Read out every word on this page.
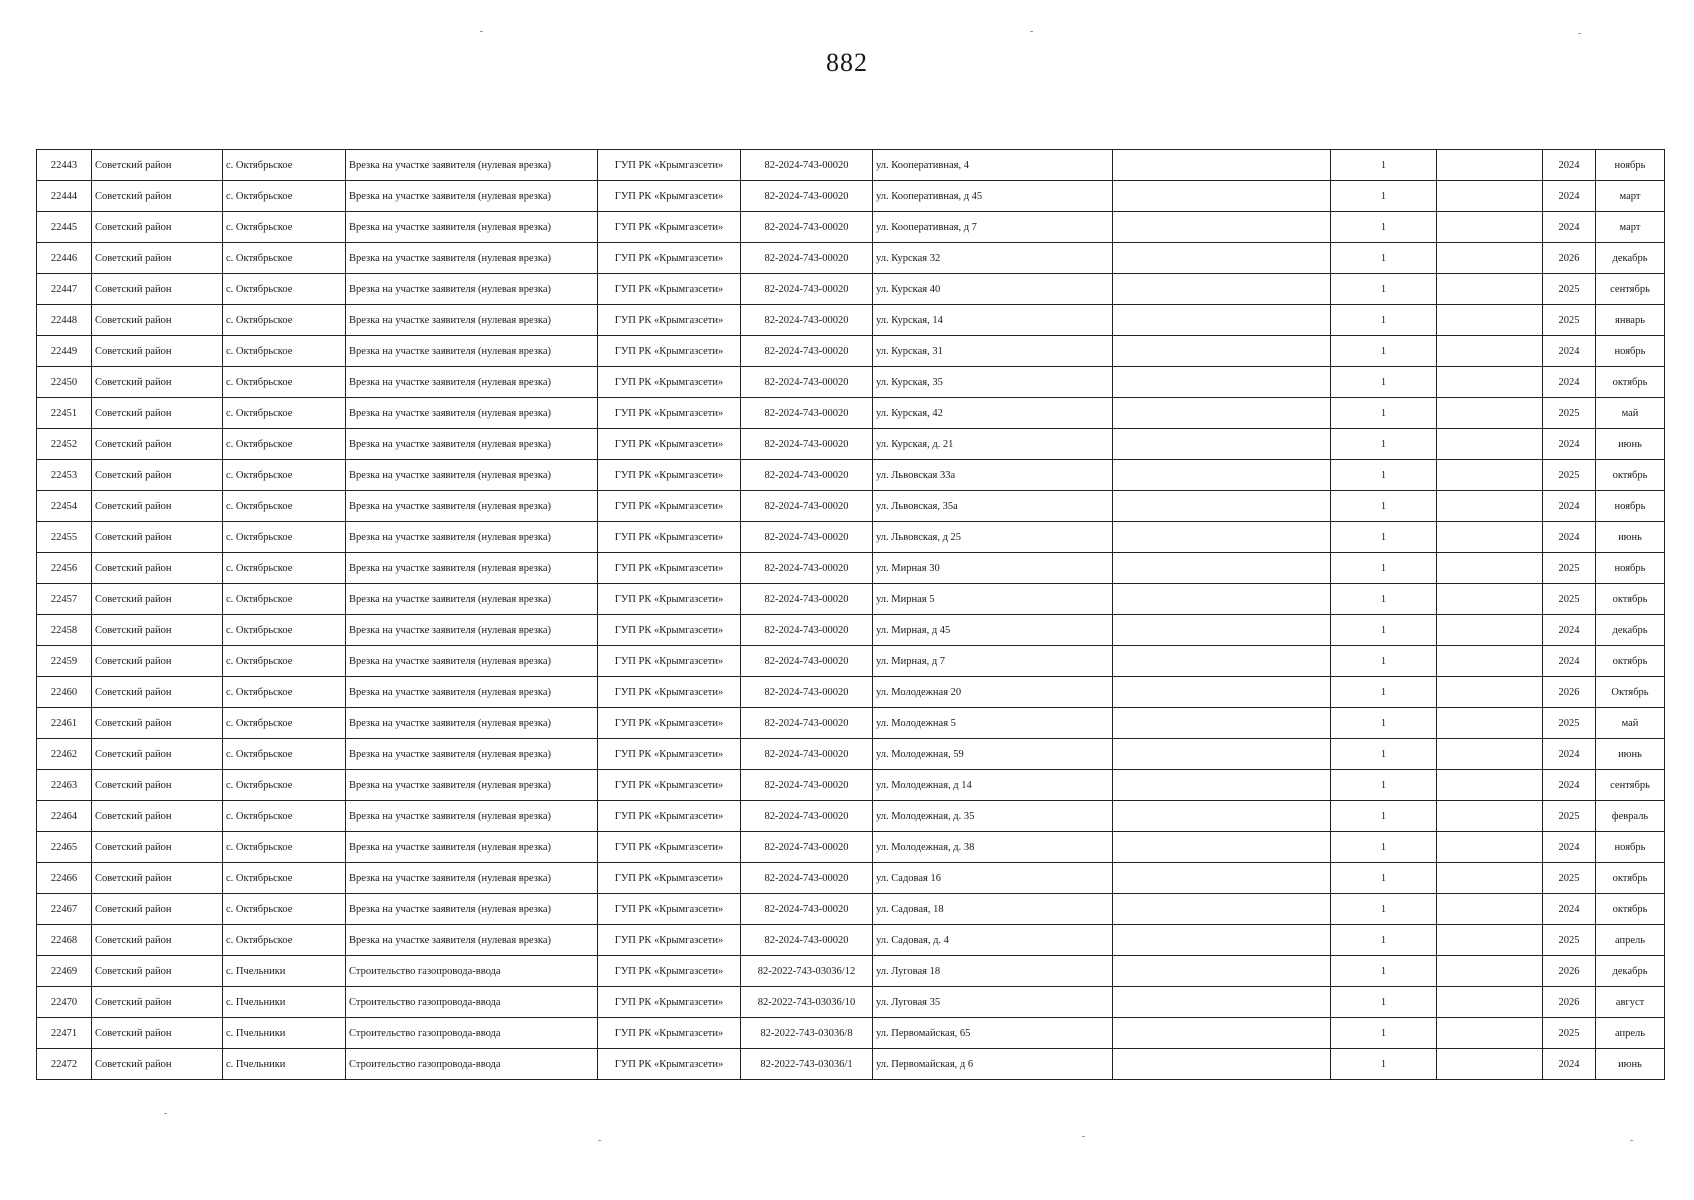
882
22443	Советский район	с. Октябрьское	Врезка на участке заявителя (нулевая врезка)	ГУП РК «Крымгазсети»	82-2024-743-00020	ул. Кооперативная, 4		1		2024	ноябрь
22444	Советский район	с. Октябрьское	Врезка на участке заявителя (нулевая врезка)	ГУП РК «Крымгазсети»	82-2024-743-00020	ул. Кооперативная, д 45		1		2024	март
22445	Советский район	с. Октябрьское	Врезка на участке заявителя (нулевая врезка)	ГУП РК «Крымгазсети»	82-2024-743-00020	ул. Кооперативная, д 7		1		2024	март
22446	Советский район	с. Октябрьское	Врезка на участке заявителя (нулевая врезка)	ГУП РК «Крымгазсети»	82-2024-743-00020	ул. Курская 32		1		2026	декабрь
22447	Советский район	с. Октябрьское	Врезка на участке заявителя (нулевая врезка)	ГУП РК «Крымгазсети»	82-2024-743-00020	ул. Курская 40		1		2025	сентябрь
22448	Советский район	с. Октябрьское	Врезка на участке заявителя (нулевая врезка)	ГУП РК «Крымгазсети»	82-2024-743-00020	ул. Курская, 14		1		2025	январь
22449	Советский район	с. Октябрьское	Врезка на участке заявителя (нулевая врезка)	ГУП РК «Крымгазсети»	82-2024-743-00020	ул. Курская, 31		1		2024	ноябрь
22450	Советский район	с. Октябрьское	Врезка на участке заявителя (нулевая врезка)	ГУП РК «Крымгазсети»	82-2024-743-00020	ул. Курская, 35		1		2024	октябрь
22451	Советский район	с. Октябрьское	Врезка на участке заявителя (нулевая врезка)	ГУП РК «Крымгазсети»	82-2024-743-00020	ул. Курская, 42		1		2025	май
22452	Советский район	с. Октябрьское	Врезка на участке заявителя (нулевая врезка)	ГУП РК «Крымгазсети»	82-2024-743-00020	ул. Курская, д. 21		1		2024	июнь
22453	Советский район	с. Октябрьское	Врезка на участке заявителя (нулевая врезка)	ГУП РК «Крымгазсети»	82-2024-743-00020	ул. Львовская 33а		1		2025	октябрь
22454	Советский район	с. Октябрьское	Врезка на участке заявителя (нулевая врезка)	ГУП РК «Крымгазсети»	82-2024-743-00020	ул. Львовская, 35а		1		2024	ноябрь
22455	Советский район	с. Октябрьское	Врезка на участке заявителя (нулевая врезка)	ГУП РК «Крымгазсети»	82-2024-743-00020	ул. Львовская, д 25		1		2024	июнь
22456	Советский район	с. Октябрьское	Врезка на участке заявителя (нулевая врезка)	ГУП РК «Крымгазсети»	82-2024-743-00020	ул. Мирная 30		1		2025	ноябрь
22457	Советский район	с. Октябрьское	Врезка на участке заявителя (нулевая врезка)	ГУП РК «Крымгазсети»	82-2024-743-00020	ул. Мирная 5		1		2025	октябрь
22458	Советский район	с. Октябрьское	Врезка на участке заявителя (нулевая врезка)	ГУП РК «Крымгазсети»	82-2024-743-00020	ул. Мирная, д 45		1		2024	декабрь
22459	Советский район	с. Октябрьское	Врезка на участке заявителя (нулевая врезка)	ГУП РК «Крымгазсети»	82-2024-743-00020	ул. Мирная, д 7		1		2024	октябрь
22460	Советский район	с. Октябрьское	Врезка на участке заявителя (нулевая врезка)	ГУП РК «Крымгазсети»	82-2024-743-00020	ул. Молодежная 20		1		2026	Октябрь
22461	Советский район	с. Октябрьское	Врезка на участке заявителя (нулевая врезка)	ГУП РК «Крымгазсети»	82-2024-743-00020	ул. Молодежная 5		1		2025	май
22462	Советский район	с. Октябрьское	Врезка на участке заявителя (нулевая врезка)	ГУП РК «Крымгазсети»	82-2024-743-00020	ул. Молодежная, 59		1		2024	июнь
22463	Советский район	с. Октябрьское	Врезка на участке заявителя (нулевая врезка)	ГУП РК «Крымгазсети»	82-2024-743-00020	ул. Молодежная, д 14		1		2024	сентябрь
22464	Советский район	с. Октябрьское	Врезка на участке заявителя (нулевая врезка)	ГУП РК «Крымгазсети»	82-2024-743-00020	ул. Молодежная, д. 35		1		2025	февраль
22465	Советский район	с. Октябрьское	Врезка на участке заявителя (нулевая врезка)	ГУП РК «Крымгазсети»	82-2024-743-00020	ул. Молодежная, д. 38		1		2024	ноябрь
22466	Советский район	с. Октябрьское	Врезка на участке заявителя (нулевая врезка)	ГУП РК «Крымгазсети»	82-2024-743-00020	ул. Садовая 16		1		2025	октябрь
22467	Советский район	с. Октябрьское	Врезка на участке заявителя (нулевая врезка)	ГУП РК «Крымгазсети»	82-2024-743-00020	ул. Садовая, 18		1		2024	октябрь
22468	Советский район	с. Октябрьское	Врезка на участке заявителя (нулевая врезка)	ГУП РК «Крымгазсети»	82-2024-743-00020	ул. Садовая, д. 4		1		2025	апрель
22469	Советский район	с. Пчельники	Строительство газопровода-ввода	ГУП РК «Крымгазсети»	82-2022-743-03036/12	ул. Луговая 18		1		2026	декабрь
22470	Советский район	с. Пчельники	Строительство газопровода-ввода	ГУП РК «Крымгазсети»	82-2022-743-03036/10	ул. Луговая 35		1		2026	август
22471	Советский район	с. Пчельники	Строительство газопровода-ввода	ГУП РК «Крымгазсети»	82-2022-743-03036/8	ул. Первомайская, 65		1		2025	апрель
22472	Советский район	с. Пчельники	Строительство газопровода-ввода	ГУП РК «Крымгазсети»	82-2022-743-03036/1	ул. Первомайская, д 6		1		2024	июнь
